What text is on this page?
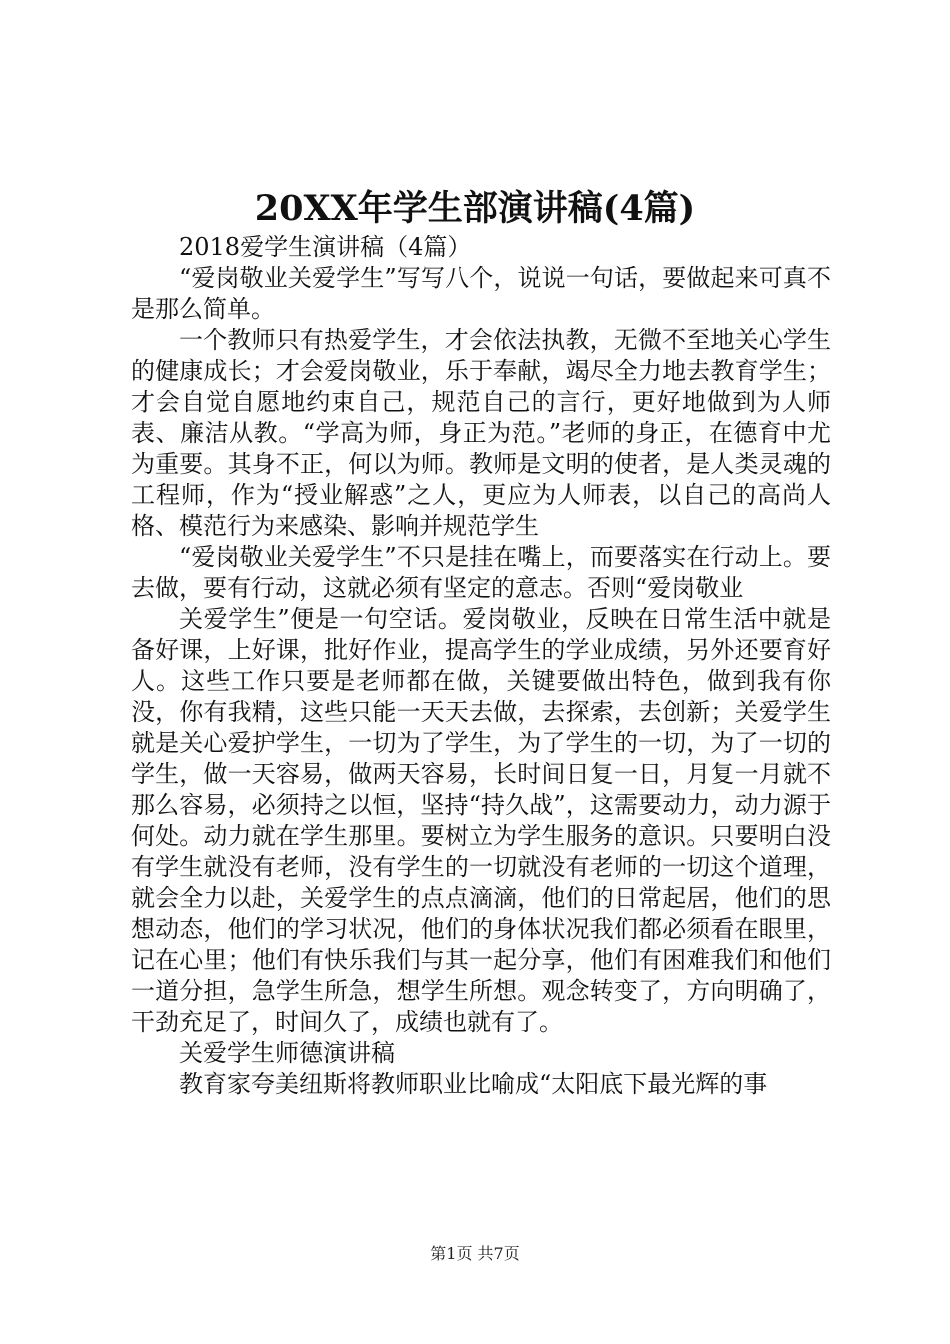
20XX年学生部演讲稿(4篇)

2018爱学生演讲稿（4篇）

“爱岗敬业关爱学生”写写八个，说说一句话，要做起来可真不是那么简单。

一个教师只有热爱学生，才会依法执教，无微不至地关心学生的健康成长；才会爱岗敬业，乐于奉献，竭尽全力地去教育学生；才会自觉自愿地约束自己，规范自己的言行，更好地做到为人师表、廉洁从教。“学高为师，身正为范。”老师的身正，在德育中尤为重要。其身不正，何以为师。教师是文明的使者，是人类灵魂的工程师，作为“授业解惑”之人，更应为人师表，以自己的高尚人格、模范行为来感染、影响并规范学生

“爱岗敬业关爱学生”不只是挂在嘴上，而要落实在行动上。要去做，要有行动，这就必须有坚定的意志。否则“爱岗敬业

关爱学生”便是一句空话。爱岗敬业，反映在日常生活中就是备好课，上好课，批好作业，提高学生的学业成绩，另外还要育好人。这些工作只要是老师都在做，关键要做出特色，做到我有你没，你有我精，这些只能一天天去做，去探索，去创新；关爱学生就是关心爱护学生，一切为了学生，为了学生的一切，为了一切的学生，做一天容易，做两天容易，长时间日复一日，月复一月就不那么容易，必须持之以恒，坚持“持久战”，这需要动力，动力源于何处。动力就在学生那里。要树立为学生服务的意识。只要明白没有学生就没有老师，没有学生的一切就没有老师的一切这个道理，就会全力以赴，关爱学生的点点滴滴，他们的日常起居，他们的思想动态，他们的学习状况，他们的身体状况我们都必须看在眼里，记在心里；他们有快乐我们与其一起分享，他们有困难我们和他们一道分担，急学生所急，想学生所想。观念转变了，方向明确了，干劲充足了，时间久了，成绩也就有了。

关爱学生师德演讲稿

教育家夸美纽斯将教师职业比喻成“太阳底下最光辉的事

第1页 共7页
